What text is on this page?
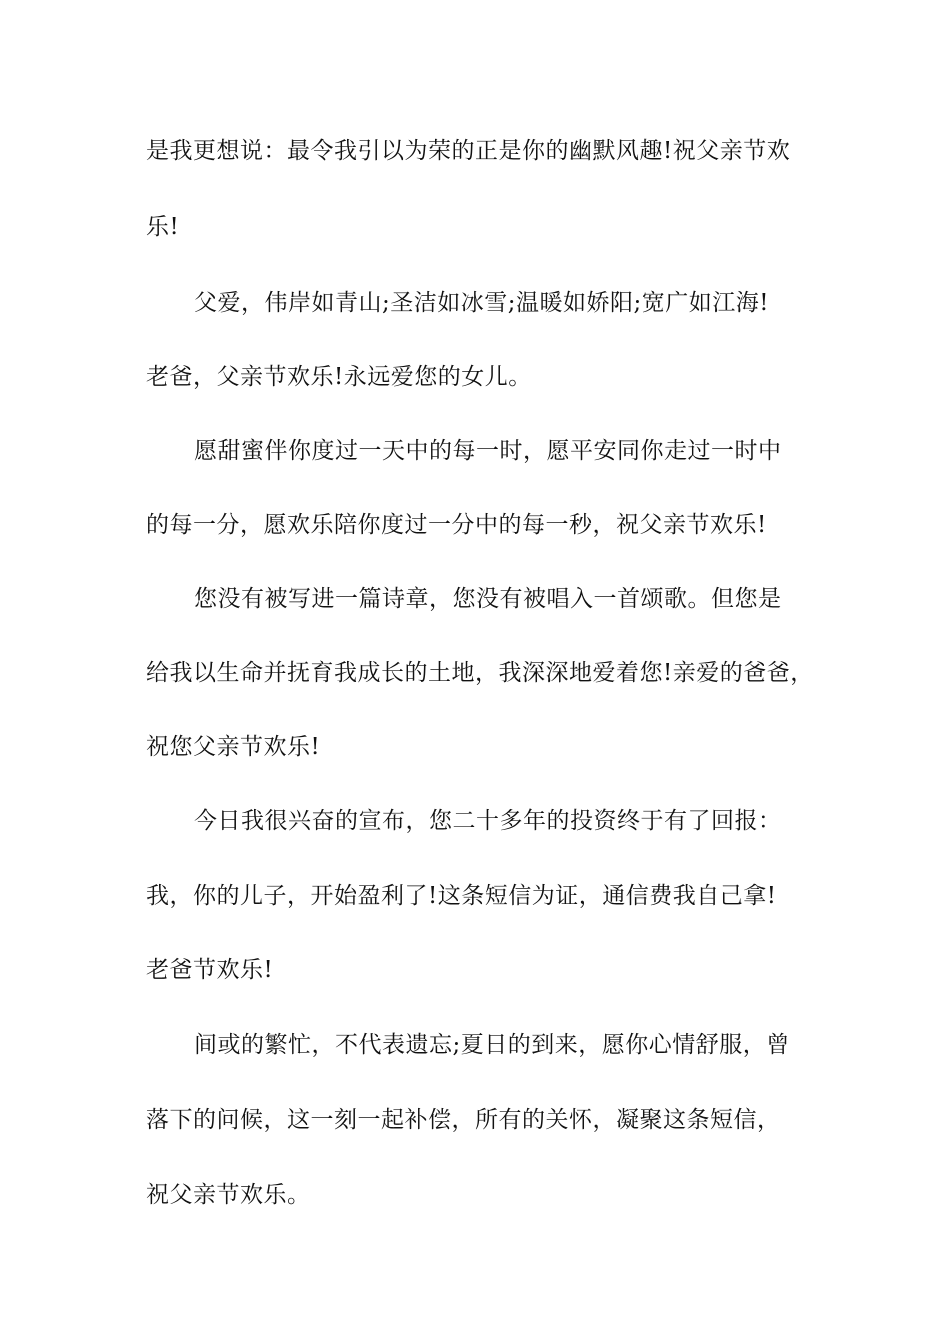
是我更想说：最令我引以为荣的正是你的幽默风趣!祝父亲节欢
乐!
父爱，伟岸如青山;圣洁如冰雪;温暖如娇阳;宽广如江海!
老爸，父亲节欢乐!永远爱您的女儿。
愿甜蜜伴你度过一天中的每一时，愿平安同你走过一时中
的每一分，愿欢乐陪你度过一分中的每一秒，祝父亲节欢乐!
您没有被写进一篇诗章，您没有被唱入一首颂歌。但您是
给我以生命并抚育我成长的土地，我深深地爱着您!亲爱的爸爸，
祝您父亲节欢乐!
今日我很兴奋的宣布，您二十多年的投资终于有了回报：
我，你的儿子，开始盈利了!这条短信为证，通信费我自己拿!
老爸节欢乐!
间或的繁忙，不代表遗忘;夏日的到来，愿你心情舒服，曾
落下的问候，这一刻一起补偿，所有的关怀，凝聚这条短信，
祝父亲节欢乐。
